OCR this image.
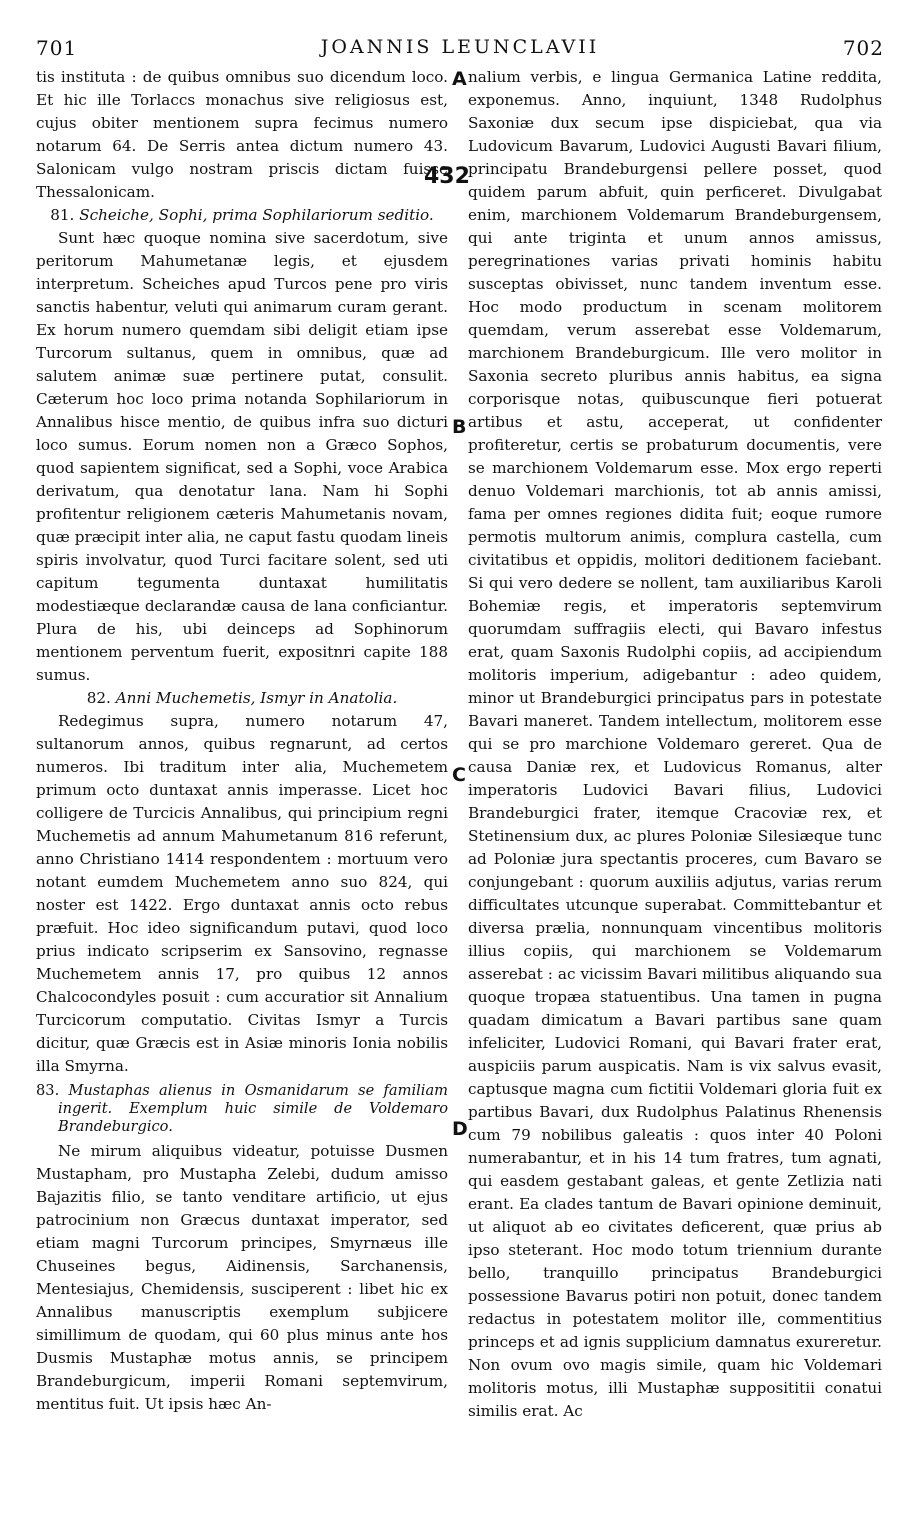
701	JOANNIS LEUNCLAVII	702
A
B
C
D
432

tis instituta : de quibus omnibus suo dicendum loco. Et hic ille Torlaccs monachus sive religiosus est, cujus obiter mentionem supra fecimus numero notarum 64. De Serris antea dictum numero 43. Salonicam vulgo nostram priscis dictam fuisse Thessalonicam.

81. Scheiche, Sophi, prima Sophilariorum seditio.

Sunt hæc quoque nomina sive sacerdotum, sive peritorum Mahumetanæ legis, et ejusdem interpretum. Scheiches apud Turcos pene pro viris sanctis habentur, veluti qui animarum curam gerant. Ex horum numero quemdam sibi deligit etiam ipse Turcorum sultanus, quem in omnibus, quæ ad salutem animæ suæ pertinere putat, consulit. Cæterum hoc loco prima notanda Sophilariorum in Annalibus hisce mentio, de quibus infra suo dicturi loco sumus. Eorum nomen non a Græco Sophos, quod sapientem significat, sed a Sophi, voce Arabica derivatum, qua denotatur lana. Nam hi Sophi profitentur religionem cæteris Mahumetanis novam, quæ præcipit inter alia, ne caput fastu quodam lineis spiris involvatur, quod Turci facitare solent, sed uti capitum tegumenta duntaxat humilitatis modestiæque declarandæ causa de lana conficiantur. Plura de his, ubi deinceps ad Sophinorum mentionem perventum fuerit, expositnri capite 188 sumus.

82. Anni Muchemetis, Ismyr in Anatolia.

Redegimus supra, numero notarum 47, sultanorum annos, quibus regnarunt, ad certos numeros. Ibi traditum inter alia, Muchemetem primum octo duntaxat annis imperasse. Licet hoc colligere de Turcicis Annalibus, qui principium regni Muchemetis ad annum Mahumetanum 816 referunt, anno Christiano 1414 respondentem : mortuum vero notant eumdem Muchemetem anno suo 824, qui noster est 1422. Ergo duntaxat annis octo rebus præfuit. Hoc ideo significandum putavi, quod loco prius indicato scripserim ex Sansovino, regnasse Muchemetem annis 17, pro quibus 12 annos Chalcocondyles posuit : cum accuratior sit Annalium Turcicorum computatio. Civitas Ismyr a Turcis dicitur, quæ Græcis est in Asiæ minoris Ionia nobilis illa Smyrna.

83. Mustaphas alienus in Osmanidarum se familiam ingerit. Exemplum huic simile de Voldemaro Brandeburgico.

Ne mirum aliquibus videatur, potuisse Dusmen Mustapham, pro Mustapha Zelebi, dudum amisso Bajazitis filio, se tanto venditare artificio, ut ejus patrocinium non Græcus duntaxat imperator, sed etiam magni Turcorum principes, Smyrnæus ille Chuseines begus, Aidinensis, Sarchanensis, Mentesiajus, Chemidensis, susciperent : libet hic ex Annalibus manuscriptis exemplum subjicere simillimum de quodam, qui 60 plus minus ante hos Dusmis Mustaphæ motus annis, se principem Brandeburgicum, imperii Romani septemvirum, mentitus fuit. Ut ipsis hæc An-

nalium verbis, e lingua Germanica Latine reddita, exponemus. Anno, inquiunt, 1348 Rudolphus Saxoniæ dux secum ipse dispiciebat, qua via Ludovicum Bavarum, Ludovici Augusti Bavari filium, principatu Brandeburgensi pellere posset, quod quidem parum abfuit, quin perficeret. Divulgabat enim, marchionem Voldemarum Brandeburgensem, qui ante triginta et unum annos amissus, peregrinationes varias privati hominis habitu susceptas obivisset, nunc tandem inventum esse. Hoc modo productum in scenam molitorem quemdam, verum asserebat esse Voldemarum, marchionem Brandeburgicum. Ille vero molitor in Saxonia secreto pluribus annis habitus, ea signa corporisque notas, quibuscunque fieri potuerat artibus et astu, acceperat, ut confidenter profiteretur, certis se probaturum documentis, vere se marchionem Voldemarum esse. Mox ergo reperti denuo Voldemari marchionis, tot ab annis amissi, fama per omnes regiones didita fuit; eoque rumore permotis multorum animis, complura castella, cum civitatibus et oppidis, molitori deditionem faciebant. Si qui vero dedere se nollent, tam auxiliaribus Karoli Bohemiæ regis, et imperatoris septemvirum quorumdam suffragiis electi, qui Bavaro infestus erat, quam Saxonis Rudolphi copiis, ad accipiendum molitoris imperium, adigebantur : adeo quidem, minor ut Brandeburgici principatus pars in potestate Bavari maneret. Tandem intellectum, molitorem esse qui se pro marchione Voldemaro gereret. Qua de causa Daniæ rex, et Ludovicus Romanus, alter imperatoris Ludovici Bavari filius, Ludovici Brandeburgici frater, itemque Cracoviæ rex, et Stetinensium dux, ac plures Poloniæ Silesiæque tunc ad Poloniæ jura spectantis proceres, cum Bavaro se conjungebant : quorum auxiliis adjutus, varias rerum difficultates utcunque superabat. Committebantur et diversa prælia, nonnunquam vincentibus molitoris illius copiis, qui marchionem se Voldemarum asserebat : ac vicissim Bavari militibus aliquando sua quoque tropæa statuentibus. Una tamen in pugna quadam dimicatum a Bavari partibus sane quam infeliciter, Ludovici Romani, qui Bavari frater erat, auspiciis parum auspicatis. Nam is vix salvus evasit, captusque magna cum fictitii Voldemari gloria fuit ex partibus Bavari, dux Rudolphus Palatinus Rhenensis cum 79 nobilibus galeatis : quos inter 40 Poloni numerabantur, et in his 14 tum fratres, tum agnati, qui easdem gestabant galeas, et gente Zetlizia nati erant. Ea clades tantum de Bavari opinione deminuit, ut aliquot ab eo civitates deficerent, quæ prius ab ipso steterant. Hoc modo totum triennium durante bello, tranquillo principatus Brandeburgici possessione Bavarus potiri non potuit, donec tandem redactus in potestatem molitor ille, commentitius princeps et ad ignis supplicium damnatus exureretur. Non ovum ovo magis simile, quam hic Voldemari molitoris motus, illi Mustaphæ supposititii conatui similis erat. Ac
